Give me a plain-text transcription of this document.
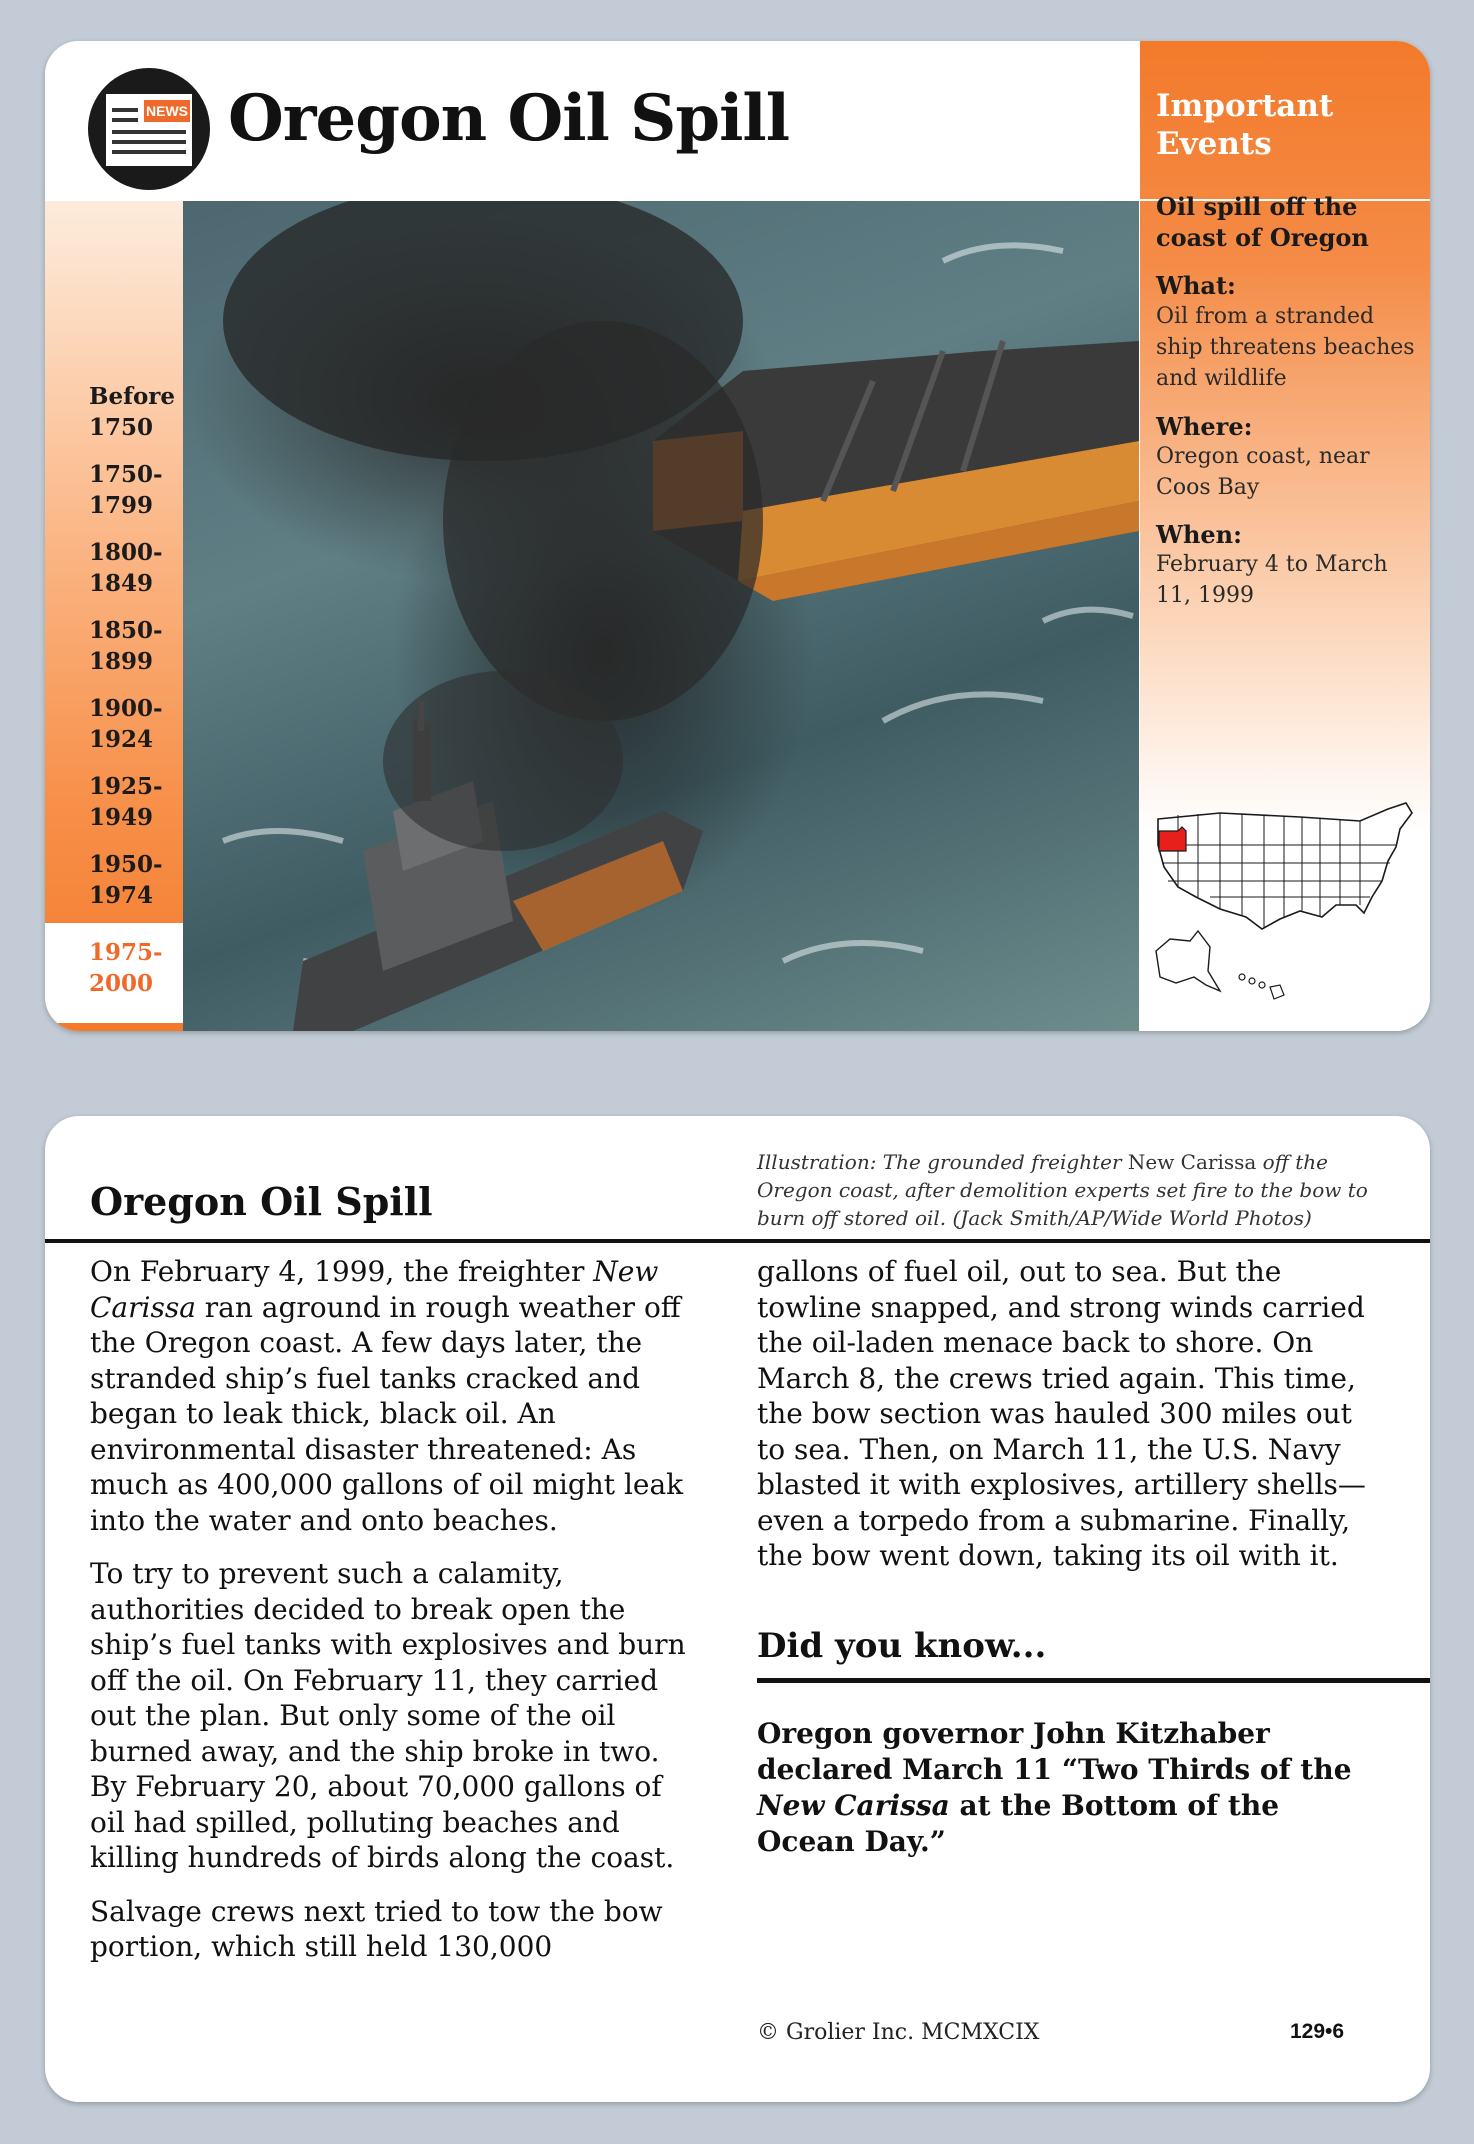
NEWS Oregon Oil Spill
Before 1750
1750-1799
1800-1849
1850-1899
1900-1924
1925-1949
1950-1974
1975-2000
Important Events
Oil spill off the coast of Oregon
What:
Oil from a stranded ship threatens beaches and wildlife
Where:
Oregon coast, near Coos Bay
When:
February 4 to March 11, 1999
Oregon Oil Spill
Illustration: The grounded freighter New Carissa off the Oregon coast, after demolition experts set fire to the bow to burn off stored oil. (Jack Smith/AP/Wide World Photos)

On February 4, 1999, the freighter New Carissa ran aground in rough weather off the Oregon coast. A few days later, the stranded ship’s fuel tanks cracked and began to leak thick, black oil. An environmental disaster threatened: As much as 400,000 gallons of oil might leak into the water and onto beaches.

To try to prevent such a calamity, authorities decided to break open the ship’s fuel tanks with explosives and burn off the oil. On February 11, they carried out the plan. But only some of the oil burned away, and the ship broke in two. By February 20, about 70,000 gallons of oil had spilled, polluting beaches and killing hundreds of birds along the coast.

Salvage crews next tried to tow the bow portion, which still held 130,000

gallons of fuel oil, out to sea. But the towline snapped, and strong winds carried the oil-laden menace back to shore. On March 8, the crews tried again. This time, the bow section was hauled 300 miles out to sea. Then, on March 11, the U.S. Navy blasted it with explosives, artillery shells—even a torpedo from a submarine. Finally, the bow went down, taking its oil with it.

Did you know...
Oregon governor John Kitzhaber declared March 11 “Two Thirds of the New Carissa at the Bottom of the Ocean Day.”
© Grolier Inc. MCMXCIX	129•6
